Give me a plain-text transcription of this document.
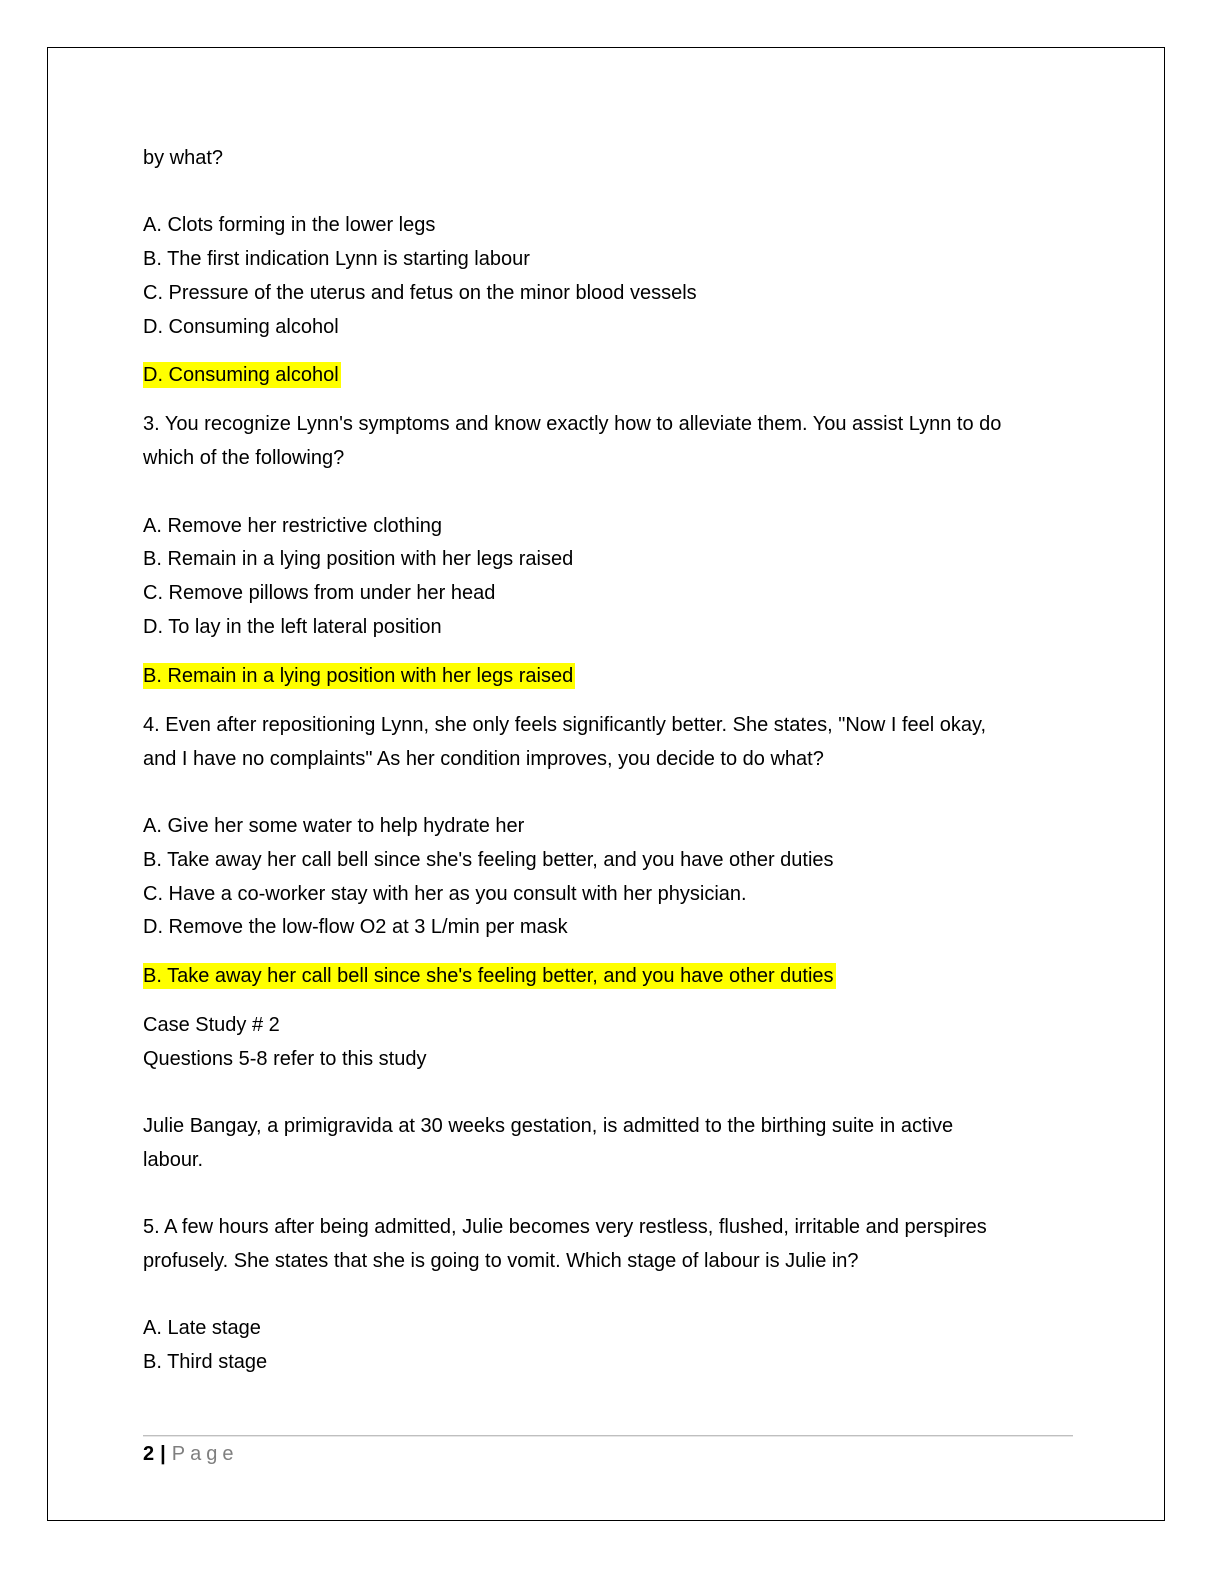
by what?
A. Clots forming in the lower legs
B. The first indication Lynn is starting labour
C. Pressure of the uterus and fetus on the minor blood vessels
D. Consuming alcohol
D. Consuming alcohol
3. You recognize Lynn's symptoms and know exactly how to alleviate them. You assist Lynn to do
which of the following?
A. Remove her restrictive clothing
B. Remain in a lying position with her legs raised
C. Remove pillows from under her head
D. To lay in the left lateral position
B. Remain in a lying position with her legs raised
4. Even after repositioning Lynn, she only feels significantly better. She states, "Now I feel okay,
and I have no complaints" As her condition improves, you decide to do what?
A. Give her some water to help hydrate her
B. Take away her call bell since she's feeling better, and you have other duties
C. Have a co-worker stay with her as you consult with her physician.
D. Remove the low-flow O2 at 3 L/min per mask
B. Take away her call bell since she's feeling better, and you have other duties
Case Study # 2
Questions 5-8 refer to this study
Julie Bangay, a primigravida at 30 weeks gestation, is admitted to the birthing suite in active
labour.
5. A few hours after being admitted, Julie becomes very restless, flushed, irritable and perspires
profusely. She states that she is going to vomit. Which stage of labour is Julie in?
A. Late stage
B. Third stage
2 | Page
